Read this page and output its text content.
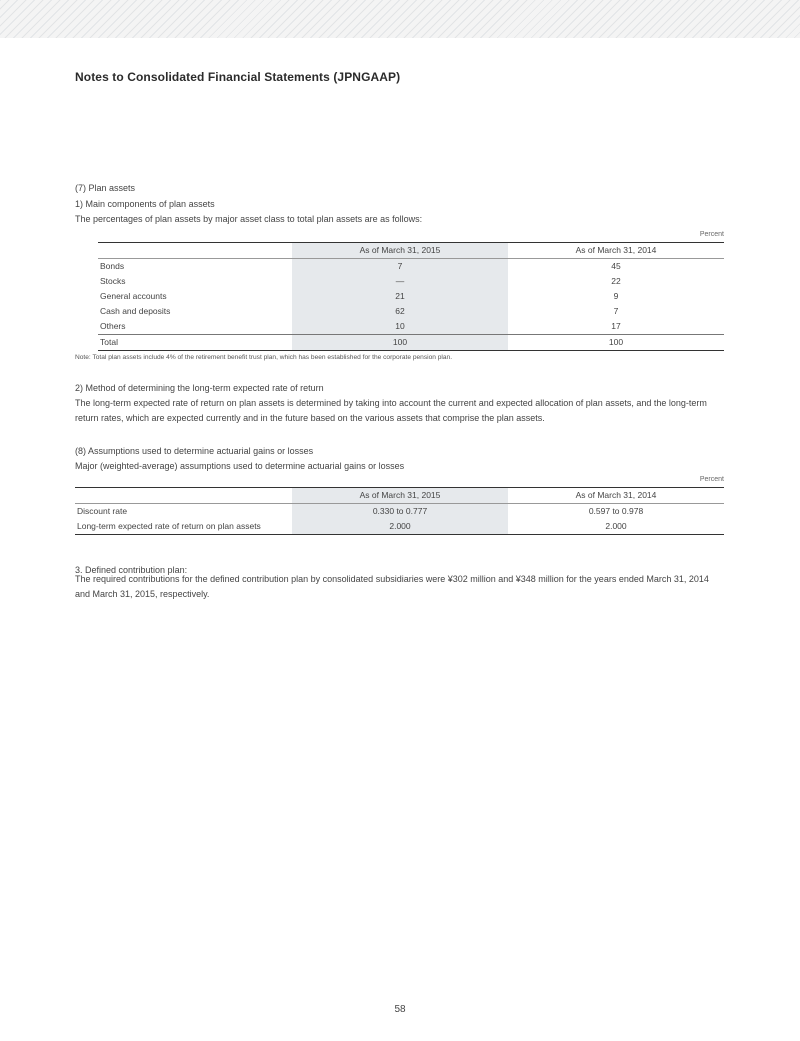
Notes to Consolidated Financial Statements (JPNGAAP)
(7) Plan assets
1) Main components of plan assets
The percentages of plan assets by major asset class to total plan assets are as follows:
Percent
	As of March 31, 2015	As of March 31, 2014
Bonds	7	45
Stocks	—	22
General accounts	21	9
Cash and deposits	62	7
Others	10	17
Total	100	100
Note: Total plan assets include 4% of the retirement benefit trust plan, which has been established for the corporate pension plan.
2) Method of determining the long-term expected rate of return

The long-term expected rate of return on plan assets is determined by taking into account the current and expected allocation of plan assets, and the long-term return rates, which are expected currently and in the future based on the various assets that comprise the plan assets.

(8) Assumptions used to determine actuarial gains or losses
Major (weighted-average) assumptions used to determine actuarial gains or losses
Percent
	As of March 31, 2015	As of March 31, 2014
Discount rate	0.330 to 0.777	0.597 to 0.978
Long-term expected rate of return on plan assets	2.000	2.000
3. Defined contribution plan:

The required contributions for the defined contribution plan by consolidated subsidiaries were ¥302 million and ¥348 million for the years ended March 31, 2014 and March 31, 2015, respectively.

58
